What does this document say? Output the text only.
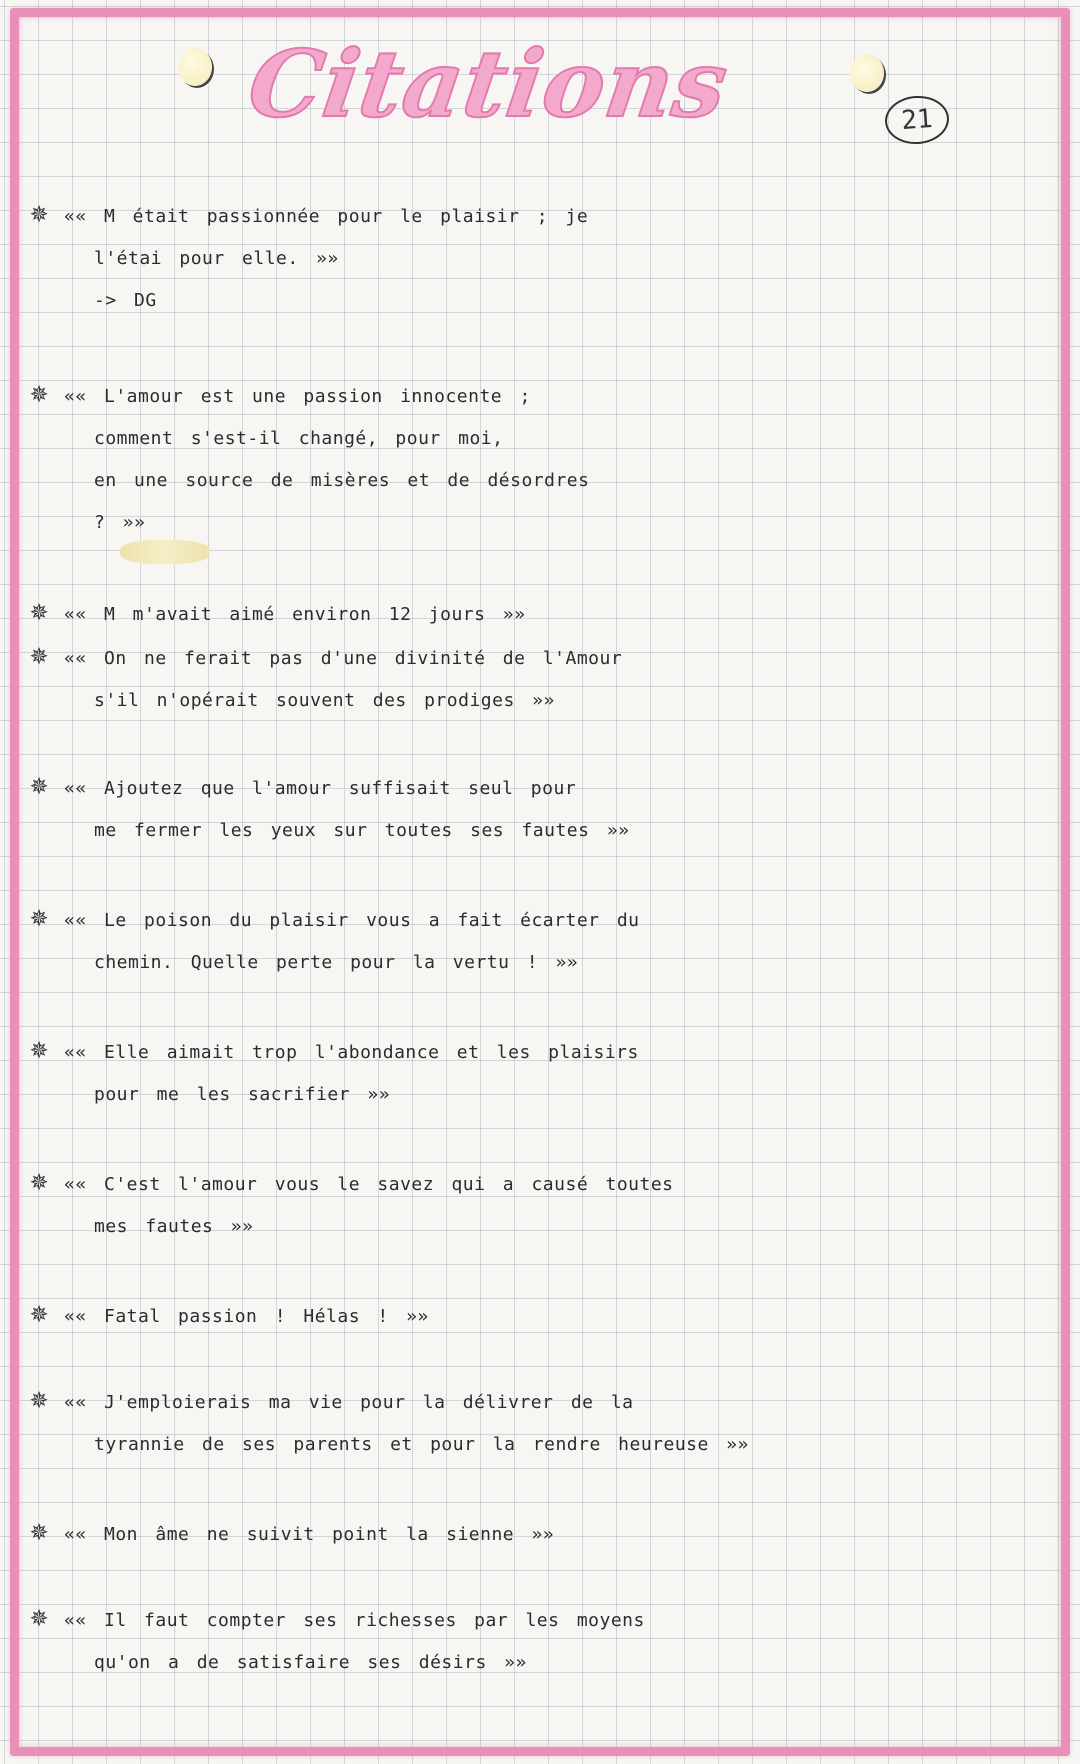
Citations	21
✵ «« M était passionnée pour le plaisir ; je
l'étai pour elle. »»
-> DG
✵ «« L'amour est une passion innocente ;
comment s'est-il changé, pour moi,
en une source de misères et de désordres
? »»
✵ «« M m'avait aimé environ 12 jours »»
✵ «« On ne ferait pas d'une divinité de l'Amour
s'il n'opérait souvent des prodiges »»
✵ «« Ajoutez que l'amour suffisait seul pour
me fermer les yeux sur toutes ses fautes »»
✵ «« Le poison du plaisir vous a fait écarter du
chemin. Quelle perte pour la vertu ! »»
✵ «« Elle aimait trop l'abondance et les plaisirs
pour me les sacrifier »»
✵ «« C'est l'amour vous le savez qui a causé toutes
mes fautes »»
✵ «« Fatal passion ! Hélas ! »»
✵ «« J'emploierais ma vie pour la délivrer de la
tyrannie de ses parents et pour la rendre heureuse »»
✵ «« Mon âme ne suivit point la sienne »»
✵ «« Il faut compter ses richesses par les moyens
qu'on a de satisfaire ses désirs »»
